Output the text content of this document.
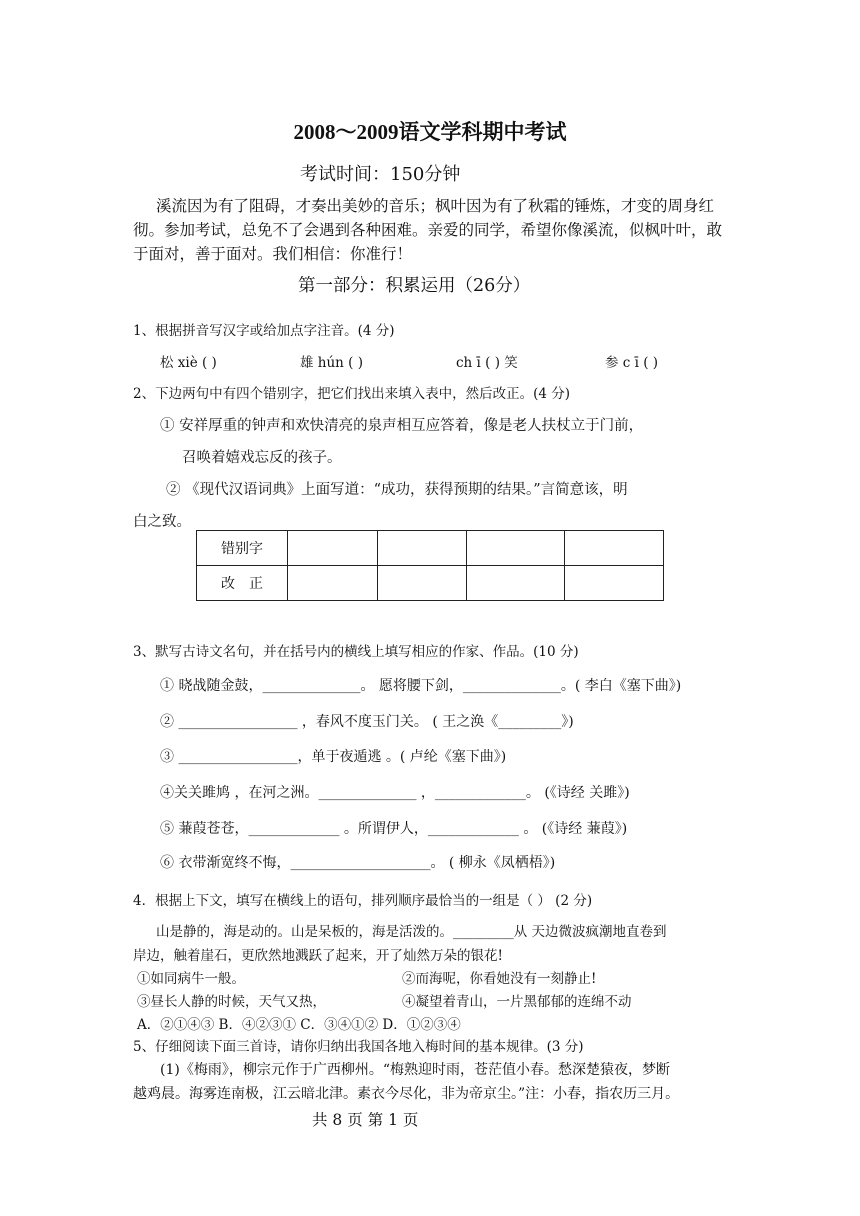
2008～2009语文学科期中考试
考试时间：150分钟
溪流因为有了阻碍，才奏出美妙的音乐；枫叶因为有了秋霜的锤炼，才变的周身红彻。参加考试，总免不了会遇到各种困难。亲爱的同学，希望你像溪流，似枫叶叶，敢于面对，善于面对。我们相信：你准行！
第一部分：积累运用（26分）
1、根据拼音写汉字或给加点字注音。(4 分)
松 xiè ( )	雄 hún ( )	ch ī ( ) 笑	参 c ī ( )
2、下边两句中有四个错别字，把它们找出来填入表中，然后改正。(4 分)
① 安祥厚重的钟声和欢快清亮的泉声相互应答着，像是老人扶杖立于门前，
召唤着嬉戏忘反的孩子。
② 《现代汉语词典》上面写道：“成功，获得预期的结果。”言简意该，明
白之致。
错别字				
改　正				
3、默写古诗文名句，并在括号内的横线上填写相应的作家、作品。(10 分)
① 晓战随金鼓，______________。 愿将腰下剑，______________。( 李白《塞下曲》)
② _________________ ，春风不度玉门关。 ( 王之涣《_________》)
③ _________________，单于夜遁逃 。( 卢纶《塞下曲》)
④关关雎鸠 ，在河之洲。______________ ，_____________。 (《诗经 关雎》)
⑤ 蒹葭苍苍，_____________ 。所谓伊人，_____________ 。 (《诗经 蒹葭》)
⑥ 衣带渐宽终不悔，____________________。 ( 柳永《凤栖梧》)
4．根据上下文，填写在横线上的语句，排列顺序最恰当的一组是（ ） (2 分)
山是静的，海是动的。山是呆板的，海是活泼的。_________从 天边微波疯潮地直卷到
岸边，触着崖石，更欣然地溅跃了起来，开了灿然万朵的银花!
①如同病牛一般。	②而海呢，你看她没有一刻静止!
③昼长人静的时候，天气又热，	④凝望着青山，一片黑郁郁的连绵不动
A．②①④③ B．④②③① C．③④①② D．①②③④
5、仔细阅读下面三首诗，请你归纳出我国各地入梅时间的基本规律。(3 分)
(1)《梅雨》，柳宗元作于广西柳州。“梅熟迎时雨，苍茫值小春。愁深楚猿夜，梦断
越鸡晨。海雾连南极，江云暗北津。素衣今尽化，非为帝京尘。”注：小春，指农历三月。
共 8 页 第 1 页
